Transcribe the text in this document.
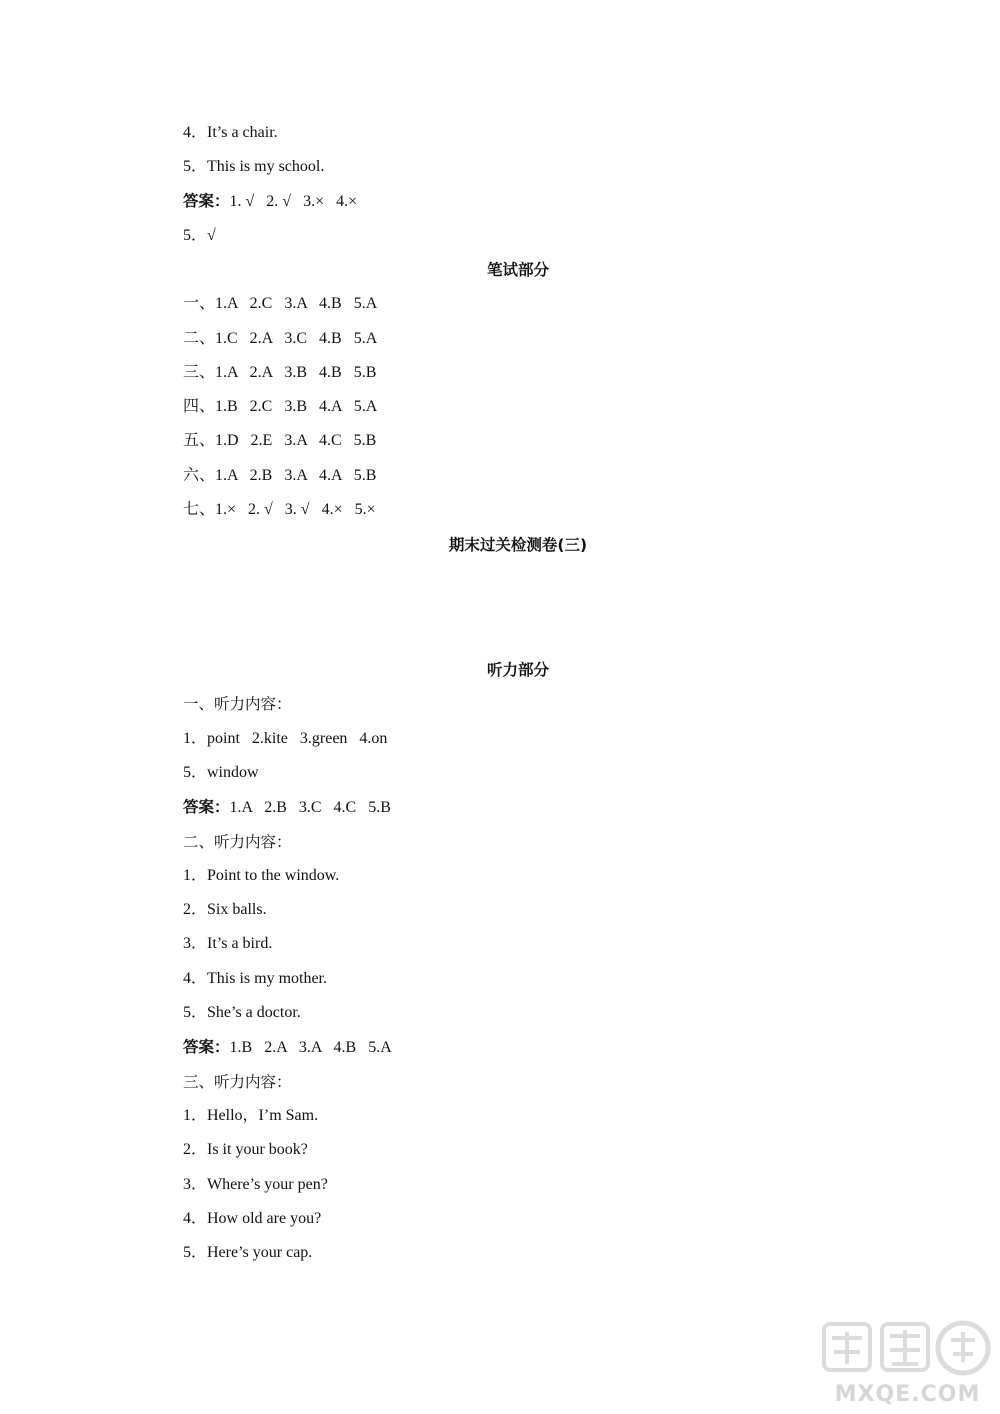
4．It’s a chair.
5．This is my school.
答案：1. √   2. √   3.×   4.×
5．√
笔试部分
一、1.A   2.C   3.A   4.B   5.A
二、1.C   2.A   3.C   4.B   5.A
三、1.A   2.A   3.B   4.B   5.B
四、1.B   2.C   3.B   4.A   5.A
五、1.D   2.E   3.A   4.C   5.B
六、1.A   2.B   3.A   4.A   5.B
七、1.×   2. √   3. √   4.×   5.×
期末过关检测卷(三)
听力部分
一、听力内容：
1．point   2.kite   3.green   4.on
5．window
答案：1.A   2.B   3.C   4.C   5.B
二、听力内容：
1．Point to the window.
2．Six balls.
3．It’s a bird.
4．This is my mother.
5．She’s a doctor.
答案：1.B   2.A   3.A   4.B   5.A
三、听力内容：
1．Hello，I’m Sam.
2．Is it your book?
3．Where’s your pen?
4．How old are you?
5．Here’s your cap.
MXQE.COM
